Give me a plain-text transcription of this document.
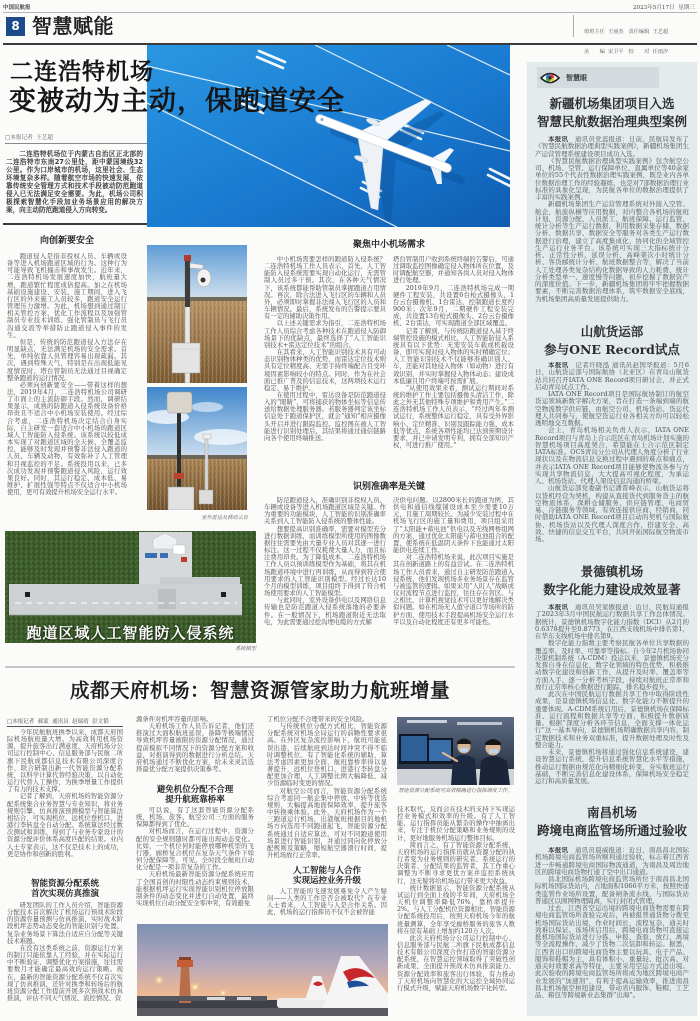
中国民航报	2023年5月17日  星期三
8 智慧赋能

	值班主任  王丽杰   责任编辑  王艺超

美　　编  宋卫平   校　　对  任雨汐

二连浩特机场
变被动为主动，保跑道安全
□本报记者  王艺超
二连浩特机场位于内蒙古自治区正北部的二连浩特市东南27公里处，距中蒙国境线32公里。作为口岸城市的机场，这里社会、生态环境复杂多样。随着航空市场的快速发展，依靠传统安全管理方式和技术手段被动防范跑道侵入已无法满足安全需要。为此，机场公司积极探索智慧化手段加业务场景应用的解决方案，向主动防范跑道侵入方向转变。
向创新要安全

跑道侵入是指非授权人员、车辆或设备等进入机场跑道区域的行为。这种行为可能导致飞机撞击和事故发生。近年来，二连浩特机场发展速度加快，航班量大增，跑道繁忙程度成倍提高。加之在机场基础设施建设、安装、施工期间，进入飞行区的外来施工人员较多，跑道安全运行管理压力激增。为此，机场想到通过制订相关管控方案、优化工作流程以及加强管制员专业技术训练、强化管制员与飞行员沟通交流等举措防止跑道侵入事件的发生。

但是，传统的防范跑道侵入方法存在明显缺点，无法满足机场的安全需求。首先，单纯依靠人员管理容易出现疏漏。其次，遇到特殊天气，特别是在出现低能见度情况时，塔台管制员无法通过目视确定整条跑道的运行情况。

必须向创新要安全——带着这样的想法，2019年4月，二连浩特机场公司调研了市面上的主流防御手段。然而，调研结果显示，成熟的防跑道入侵系统设备价格昂贵且不适合中小机场安装使用。经过综合考虑，二连浩特机场决定结合自身实际，自主研发一套适合中小机场的跑道区域人工智能防入侵系统。该系统以较低成本实现了对跑道区域的全天候、全覆盖监控，能够及时发现并预警非法侵入跑道的人员、车辆及动物，有效弥补了人工管理和目视监控的不足。系统投用以来，已多次成功发现并预警跑道侵入风险，运行效果良好。同时，其运行稳定、成本低、易维护、扩展性强等特点不仅适合中小机场使用，更可有效提升机场安全运行水平。

室外雷达及移动云台
聚焦中小机场需求

中小机场需要怎样的跑道防入侵系统？二连浩特机场工作人员表示，首先，人工智能防入侵系统需要实现自动化运行，无需管制人员过多干预。其次，在各种天气情况下，该系统都能帮助管制员掌握跑道占用情况。再次，除合法进入飞行区的车辆和人员外，必须即时掌握非法闯入飞行区的人员和车辆情况。最后，系统发布的告警提示要具有一定的辅助决策作用。

以上述关键需求为指引，二连浩特机场工作人员综合考虑各种技术在跑道侵入防御场景下的优缺点，最终选择了“人工智能识别技术+雷达定位技术”的组合。

在其看来，人工智能识别技术具有可动态识别物体种类的优势，而雷达定位技术则具有定位精度高、无需手持终端配合且受环境因素影响较小的特点。同时，作为在社会面已推广普及的信息技术，这两项技术运行稳定、易于维护。

在使用过程中，雷达设备是防范跑道侵入的“眼睛”，可将捕获的物体坐标等信息传送给数据处理服务器。若服务器判定该坐标信息处于跑道保护区，就会“通知”相应摄像头开启并进行跟踪监控。监控图在被人工智能进行识别处理后，其结果将通过通信链路向各个使用终端推送。

塔台管制用户收到系统终端的告警后，可通过调取监控图像确定侵入物体所在位置，及时调配航空器，并通知各岗人员对侵入物体进行处理。

2019年9月，二连浩特机场完成一期硬件工程安装，共设置6台枪式摄像头、1台云台摄像机、1台雷达，控制跑道长度约900米；次年9月，二期硬件工程安装完成，共设置13台枪式摄像头、2台云台摄像机、2台雷达，可实现跑道全部区域覆盖。

记者了解到，与传统防跑道侵入基于终端管控设施的模式相比，人工智能防侵入系统具有以下优势：无需安装车载或机载设备，即可实现对侵入物体的实时精确定位；人工智能识别技术不仅能够准确识别人、车，还能对其他侵入物体（如动物）进行有效识别，并实时掌握侵入物体动态；建设成本低廉且用户终端可按需扩展。

“从使用效果来看，测试运行期间对系统的维护工作主要包括摄像头清洁工作，除此之外无其他特殊专项维护和费用产生。”二连浩特机场工作人员表示，“经过两年多测试运行，系统整体运行稳定，具有受外界影响小、定位精准、识别及跟踪能力强、成本低等优点，系统各项性能均已达到预期设计要求，并已申请发明专利，拥有全部知识产权，可进行推广使用。”

识别准确率是关键

防范跑道侵入，准确识别非授权人员、车辆或设备等进入机场跑道区域是关键。作为重要的功能模块，人工智能的识别准确率关系到人工智能防入侵系统的整体性能。

想要提高识别准确率，需要对模型充分进行数据训练，而训练模型所使用的图像数据往往需要先由大量专业人员对其逐一进行标注。这一过程不仅耗费大量人力，而且标注费用昂贵。为了降低成本，二连浩特机场工作人员以预训练模型作为基础，将其在机场跑道环境中进行再训练，从而得到符合使用要求的人工智能识别模型。经过长达10个月的模型训练，项目组终于得到了符合机场使用要求的人工智能模型。

与此同时，室外设备供电以及网络信息传输也是防范跑道入侵系统落地的必要条件。在一般情况下，机场跑道附近无法取电，为此需要通过挖沟埋电缆的方式解

决供电问题。以2800米长的跑道为例，其供电和通信线缆铺设成本至少需要10万元，且施工周期较长。为减少安装过程中在机场飞行区的施工量和费用，项目组采用了“太阳能+蓄电池”供电以及无线网桥组网的方案，通过优化太阳能与蓄电池组合的配置，使系统在低温阴天条件下也能通过太阳能供电连续工作。

对二连浩特机场来说，此次项目实施是其在创新道路上的有益尝试。在二连浩特机场工作人员看来，通过自主研发防范跑道入侵系统，他们发现机场多业务场景存在监管与被监管的逻辑。如果采用“人盯人”战略或仅对流程节点进行监控，往往存在盲区。与之相比，计算机视觉技术可以更好地解决类似问题。如在机场无人值守道口等场所的防护方面，使用技术手段提高机场安全运行水平以及自动化程度还有更多可能性。

跑道区域人工智能防入侵系统
系统模型
成都天府机场：智慧资源管家助力航班增量
□本报记者  郝蒙  通讯员  赵瑞靖  彭文韬

今年民航航班换季以来，成都天府国际机场航班量大增。为高效利用机场资源，提升旅客出行满意度，天府机场分公司运行控制中心、信息服务部与民航二所旗下民航成都信息技术有限公司深度合作，联合研制出新一代智能资源分配系统，以科学计算代替经验决策，以自动化运行代替人工操作，为换季增量工作提供了有力的技术支撑。

记者了解到，天府机场的智能资源分配系统集合业务智慧与专业知识，将业务规则引擎、仿真推演预测模型与智能算法相结合，可实现机位、远机位登机口、进港行李转盘全自动分配。系统算法经过数次测试和训练，得到了与业务专家设计的资源分配评价体系高度匹配的结果。业内人士专家表示，这不仅是技术上的成功，更是协作和创新的胜利。

智能资源分配系统
首次实现仿真推演

研发团队的工作人员介绍，智能资源分配技术首次解决了机场运行预战术阶段的资源容量预测与仿真推演、实时战术阶段机坪态势动态变化的智能识别与处置、复杂业务场景下算法自适应自分配等关键技术难题。

在没有这类系统之前，资源运行方案的制订只能依靠人工经验，并在实际运行中不断验证、调整优化方案措施，往往需要数月才能确定最高效的运行策略。现在，最新的智能资源分配系统不仅首次实现了仿真推演，还针对换季和转场后的航班资源分配工作提前开展多次预战术仿真推演，评估不同天气情况、流控情况、资

源条件对机坪容量的影响。

天府机场工作人员告诉记者，他们还推演过大面积航班延误、备降等极端情况导致机坪容量被限的资源分配情况，通过提前模拟不同情况下的资源分配方案和收益，对推演得到的数据进行分析总结。天府机场通过不断优化方案，给未来灵活选择最优分配方案提供决策参考。

避免机位分配不合理
提升航班靠桥率

可以说，有了这套智能资源分配系统，机场、旅客、航空公司三方面的服务保障都得到了优化。

对机场而言，在运行过程中，资源分配的安全规则随时都可能出现动态变化。比如，一个机位何时能停放哪种机型的飞行器，廊桥复合机位在复杂天气条件下如何分配保障等。可见，全时段全航班自动化分配是一项非常复杂的工作。

天府机场最新智能资源分配系统应用了全国首创的时限性动态约束规则技术，能根据机坪运行实现智能识别机位停放限制条件的动态变化并进行自动处置，最终实现机位自动分配安全零冲突，有效避免

了机位分配不合理带来的安全风险。

与传统机位分配方式相比，智能资源分配系统对机场全局运行的前瞻性要求很高。在外区复杂流控影响下，航班可能延误出港，后续航班到达时间冲突不得不临时调整机位。有了智能化系统的辅助，算法考虑因素更加全面，航班靠桥率得以显著提升，远机位登机口、进港行李转盘分配更加合理，人工调整比例大幅降低，减少资源临时变更的情况。

对航空公司而言，智能资源分配系统综合考虑同一航企集中停放、中转等优选规则，大幅提高地面保障效率，提升旅客中转换乘体验。此外，天府机场作为一个三跑道运行机场，出港航班根据目的地机场方向选用不同跑道起飞，智能资源分配系统通过自适应算法，可对不同跑道使用场景进行智能识别，并通过同向化停放分配规则及策略，缩短航空器滑行时间，提升机场放行正常率。

人工智能与人合作
实现运控业务升级

人工智能的飞速发展难免令人产生疑问——人类的工作是否会被取代？在专业人士看来，人工智能与人是合作关系。因此，机场的运行指挥员不仅不会被智能

智能资源分配系统可高效精确进行指挥调度工作。

技术取代，反而会在技术的支持下实现运控业务模式和效率的升级。有了人工智能，运行指挥员能从繁杂的操作中抽离出来，专注于机位分配策略和业务规则的设计，更好地服务机场运行整体目标。

简而言之，有了智能资源分配系统，天府机场的运行指挥员就从资源分配的执行者变为业务规则的研究者、系统运行的决策者、分配结果的监管者，其工作重心调整为不断寻求更优方案并监控系统执行，这无疑将给机场运行带来更大收益。

统计数据显示，智能资源分配系统从试运行到全面上线的半年间，天府机场全天机位调整率降低76%，靠桥率提升2%。与人工分配机位资源相比，智能资源分配系统投用后，按照天府机场今年的航班量测算，全年享受廊桥服务的旅客人数将在原有基础上增加约120万人次。

此次天府机场分公司运行控制中心、信息服务部与民航二所旗下民航成都信息技术有限公司深度合作打造的智能资源分配系统，在智慧运控领域取得了突破性创新成果，全面提升预战术仿真推演能力、资源分配效率和旅客出行体验，有力推动了天府机场向智慧化的大运控全域协同运行模式升级，赋能天府机场数字化转型。

智慧眼
新疆机场集团项目入选
智慧民航数据治理典型案例

本报讯　 通讯员党蕊报道：日前，民航局发布了《智慧民航数据治理典型实践案例》，新疆机场集团生产运营管理系统建设项目成功入选。

《智慧民航数据治理典型实践案例》包含航空公司、机场、空管、运行保障单位、直属单位等40余家单位的55个代表性数据治理实践案例，既是业内各单位数据治理工作的经验凝练，也是对7部数据治理行业标准的具象化呈现，为民航各单位的数据治理提供了丰富的实践案例。

新疆机场集团生产运营管理系统对外接入空管、航企、航旅纵横等应用数据，对内整合各机场的航班计划、资源分配、人员派工、航班保障、运行监管、统计分析等生产运行数据，利用数据采集存储、数据分析、数据共享、数据安全等服务对各类生产运行数据进行治理，建立了高度集成化、协同化的全域管控生产运行业务平台。该系统可实现三大指标统计分析、正常性分析、延误分析、高峰架次小时统计分析、客货邮统计分析、航班数据整合等，解决了当前人工处理各类复杂结构化数据导致的人力耗费、统计分析类型单一、速度慢等问题，初步挖掘了数据资产的深度价值。下一步，新疆机场集团将牢牢把握数据要素，不断完善数据治理体系，筑牢数据安全底线，为机场集团高质量发展提供助力。

山航货运部
参与ONE Record试点

本报讯　 记者许晓泓 通讯员赵国华报道：5月6日，山航货运部与国际航协（北亚区）在青岛山航货站共同召开IATA ONE Record项目研讨会，并正式启动青岛试点工作。

IATA ONE Record项目是国际航协制订的航空货运领域新数字解决方案，旨在打造一条端到端的航空物流数字供应链，由航空公司、机场货站、货运代理人共同参与，使航空货运行业各相关方均可以轻松透明地交互数据。

会上，青岛机场相关负责人表示，IATA ONE Record项目与青岛上合示范区在青岛机场计划实施的智慧机场项目高度契合，希望能在上合示范区制定IATA标准。OCS青岛分公司从代理人角度分析了行业现状以及在物流信息交换过程中遇到的难点和痛点，并表示IATA ONE Record项目能够使物流各参与方实现共享物流信息，大大提高可视化程度，为承运人、机场货站、代理人架设信息沟通的桥梁。

山航货运部党委副书记潘晋峰表示，山航货运将以货机经营为契机，构建从直接货代到服务货主的航空物流体系，深耕仓储服务、供应链管理、电商贸易、冷链服务等领域，有效连接供应商、经销商，同时借助IATA ONE Record项目启动的契机与国际航协、机场货站以及代理人深度合作，搭建安全、高效、快捷的信息交互平台，共同开拓国际航空物流市场。

景德镇机场
数字化能力建设成效显著

本报讯　 通讯员吴家傲报道：近日，民航局通报了2023年3月中国民航运行数据共享工作总体情况。据统计，景德镇机场数字化能力指数（DCI）从2月的0.6378提升至0.8773，在江西支线机场中排名第1，在华东支线机场中排名第9。

数字化能力指数主要考察民航各单位共享数据的覆盖率、及时率、可靠率等指标。自今年2月机场协同决策机制系统（A-CDM）投运以来，景德镇机场充分发挥自身在信息化、数字化领域的特色优势，积极推动数字化建设和创新工作，从提升及时率、覆盖率等方面入手，逐一分析考核字段，持续对航班正常率和放行正常率核心数据进行跟踪，排名稳步提升。

此次在中国民航运行数据共享工作中取得阶段性成果，是景德镇机场信息化、数字化能力不断提升的重要体现。A-CDM系统启用后，景德镇机场在保障标准、运行流程和数据共享等方面，积极提升数据质量。根据“深度分析各环节信息，全面支撑一体化运行”这一基本导向，景德镇机场明确数据共享内容，制定数据技术和业务双重标准，提升数据处理及时性及整合能力。

未来，景德镇机场将通过强化信息系统建设，建设智慧运行系统，提升信息系统智慧化水平等措施，推动运行数据由规范化向精细化转变，夯实航班运行基础，不断完善信息化建设体系，保障机场安全稳定运行和高质量发展。

南昌机场
跨境电商监管场所通过验收

本报讯　 通讯员晨威报道：近日，南昌昌北国际机场跨境电商监管场所顺利通过验收，标志着江西省进一步畅通跨境电商国际物流通道，为南昌及周边地区的跨境电商货物打通了空中出口通道。

昌北国际机场跨境电商监管场所位于南昌昌北国际机场国际货站内，占地面积1066平方米，按照快递类监管作业场所设置，配备闸条流水线，与国际货站普通区以围网物理隔离，实行封闭式管理。

过去，江西省空运出境的跨境电商货物需要在跨境电商监管场所查验完成后，再被报普通货物分拨至机场国际货站出境，作业时间长，流程复杂，通关时效难以保证。该场所启用后，跨境电商货物可直接运抵机场国际货站进行分拣、申报、查验、放行、离境等全流程操作，减少了货物二次装卸和转运。据悉，江西省出口的跨境电商货物主要以玩具、电子产品、服饰和鞋帽为主，具有体积小、重量轻、批次高、对通关时效要求高等特征，主要采用空运方式进出境。此次验收的跨境电商监管场所将成为地区跨境电商产业发展的“加速剂”，有利于提高运输效率，推进南昌昌北机场航空枢纽建设，带动省内服饰、鞋帽、工艺品、箱包等跨境新业态集群“出海”。
